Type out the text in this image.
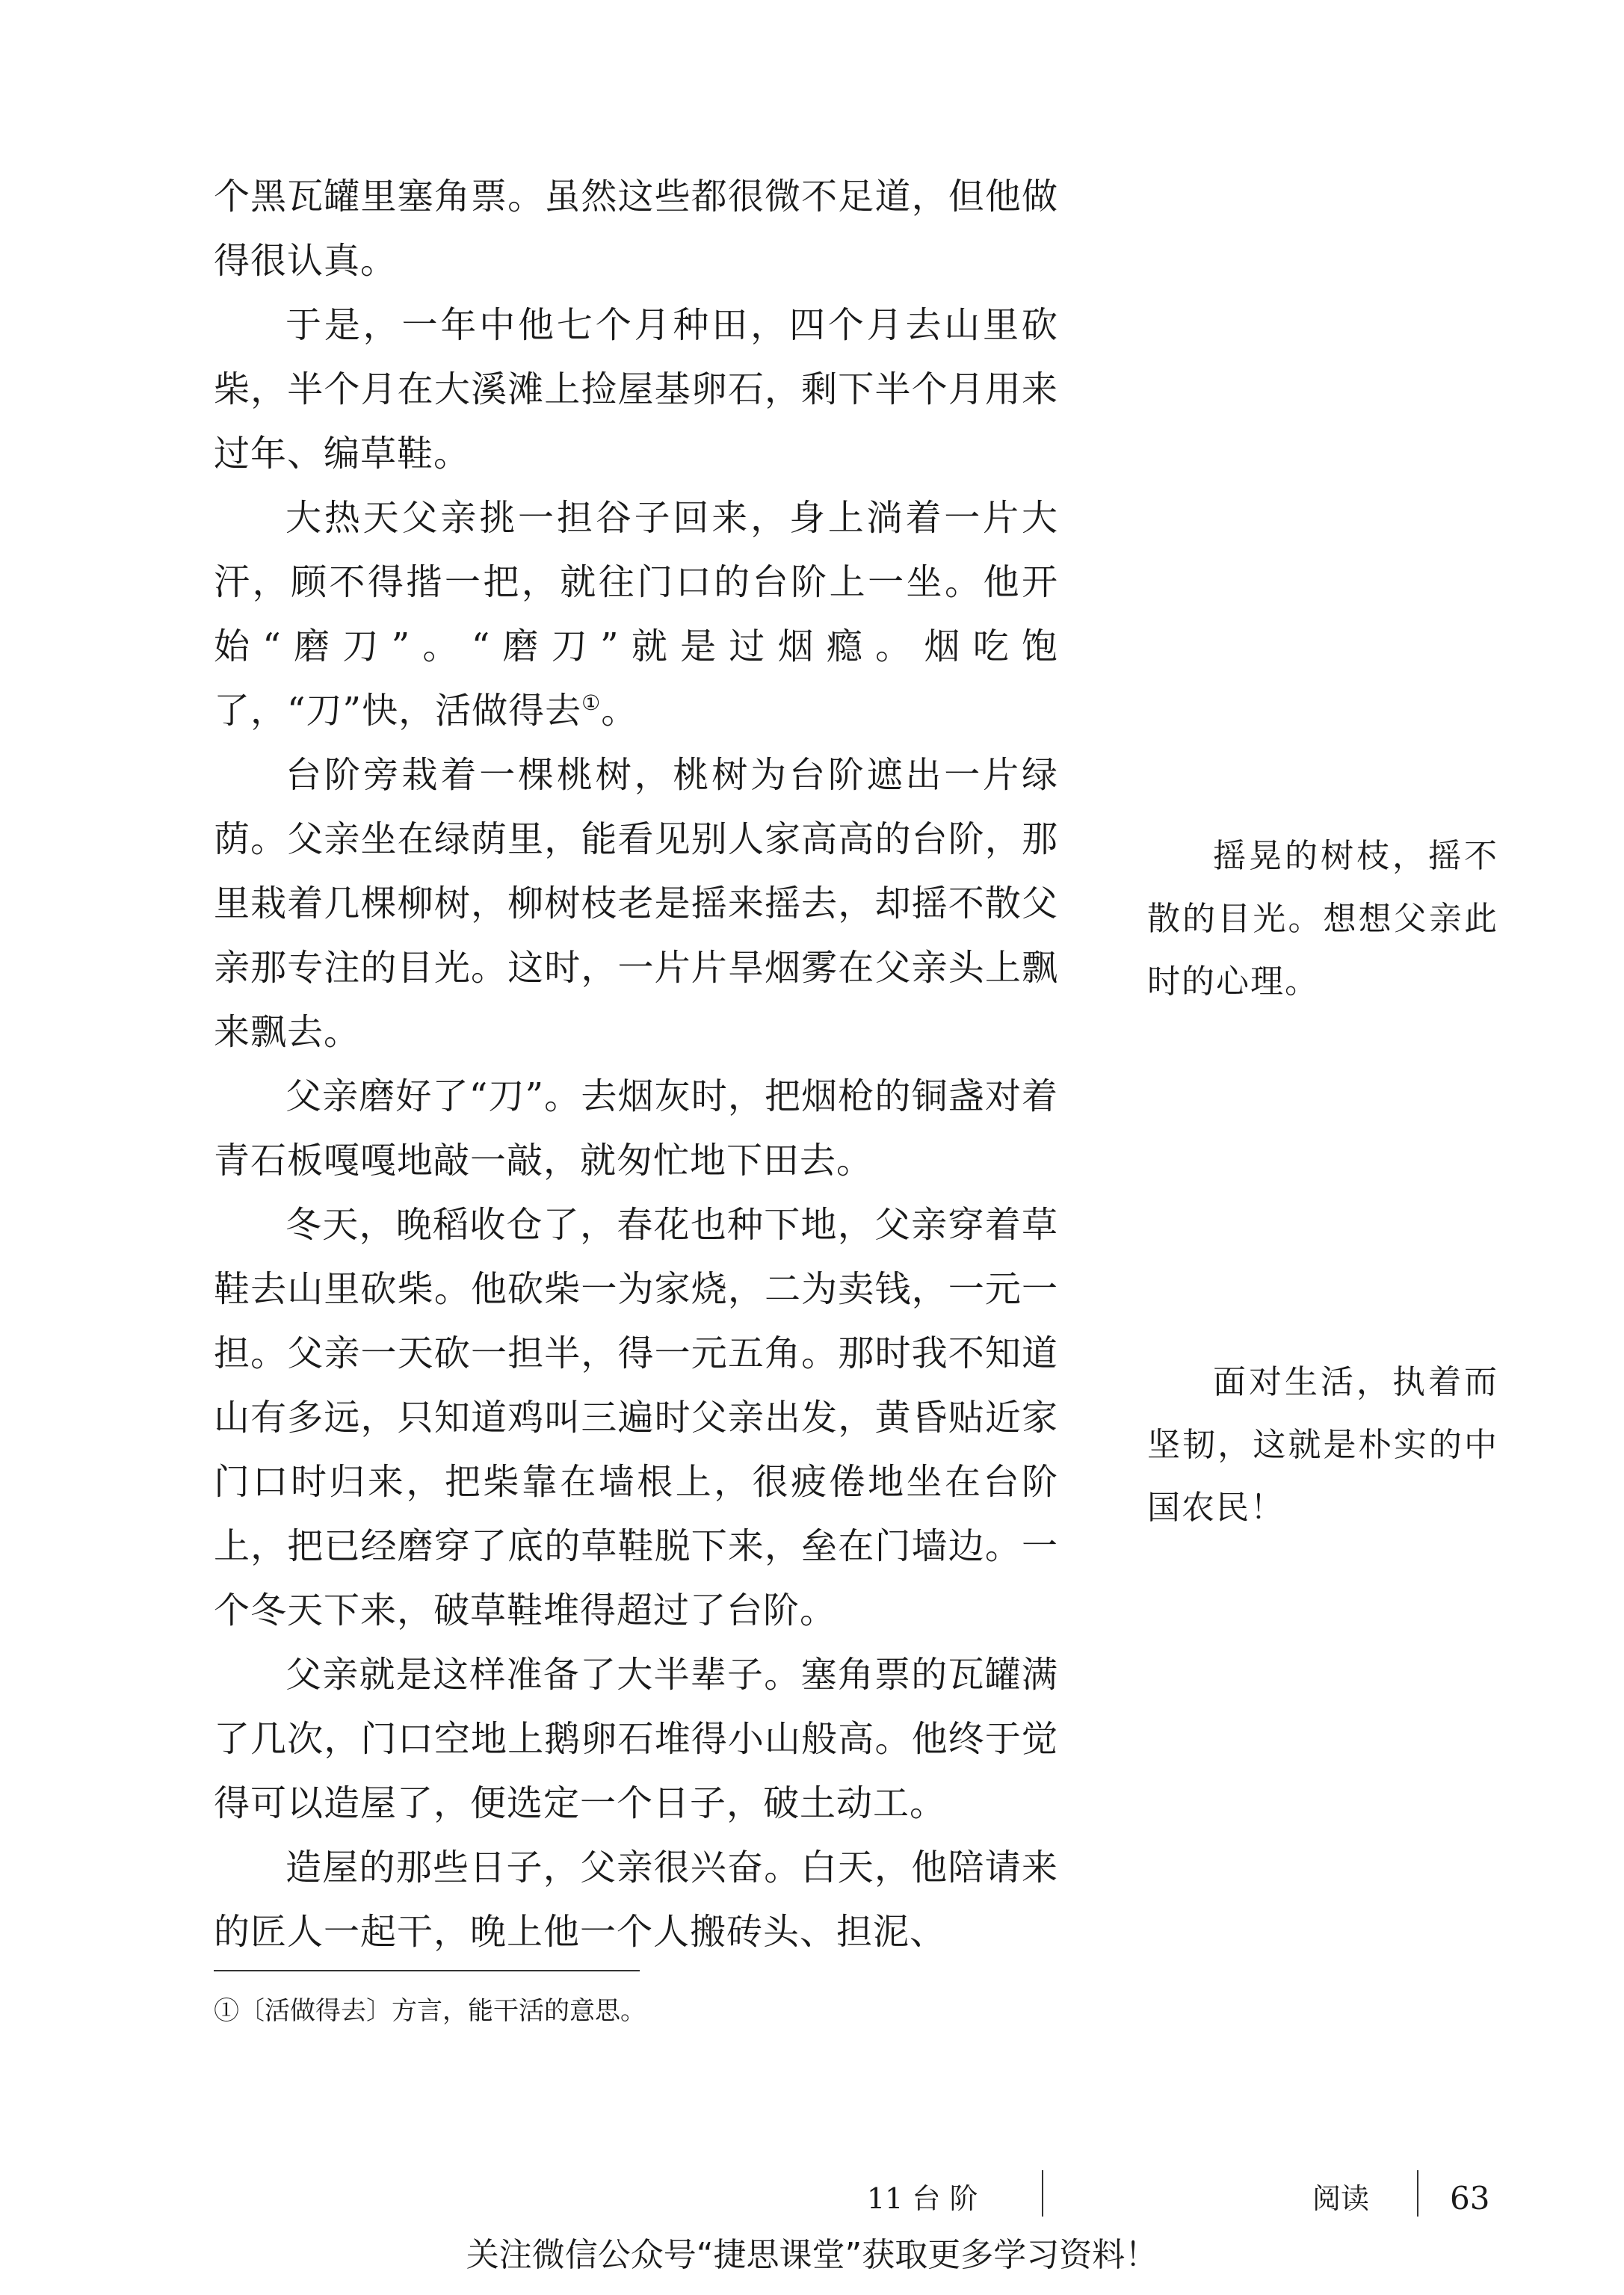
个黑瓦罐里塞角票。虽然这些都很微不足道，但他做得很认真。

于是，一年中他七个月种田，四个月去山里砍柴，半个月在大溪滩上捡屋基卵石，剩下半个月用来过年、编草鞋。

大热天父亲挑一担谷子回来，身上淌着一片大汗，顾不得揩一把，就往门口的台阶上一坐。他开始“磨刀”。“磨刀”就是过烟瘾。烟吃饱了，“刀”快，活做得去①。

台阶旁栽着一棵桃树，桃树为台阶遮出一片绿荫。父亲坐在绿荫里，能看见别人家高高的台阶，那里栽着几棵柳树，柳树枝老是摇来摇去，却摇不散父亲那专注的目光。这时，一片片旱烟雾在父亲头上飘来飘去。

父亲磨好了“刀”。去烟灰时，把烟枪的铜盏对着青石板嘎嘎地敲一敲，就匆忙地下田去。

冬天，晚稻收仓了，春花也种下地，父亲穿着草鞋去山里砍柴。他砍柴一为家烧，二为卖钱，一元一担。父亲一天砍一担半，得一元五角。那时我不知道山有多远，只知道鸡叫三遍时父亲出发，黄昏贴近家门口时归来，把柴靠在墙根上，很疲倦地坐在台阶上，把已经磨穿了底的草鞋脱下来，垒在门墙边。一个冬天下来，破草鞋堆得超过了台阶。

父亲就是这样准备了大半辈子。塞角票的瓦罐满了几次，门口空地上鹅卵石堆得小山般高。他终于觉得可以造屋了，便选定一个日子，破土动工。

造屋的那些日子，父亲很兴奋。白天，他陪请来的匠人一起干，晚上他一个人搬砖头、担泥、

摇晃的树枝，摇不散的目光。想想父亲此时的心理。
面对生活，执着而坚韧，这就是朴实的中国农民！
①〔活做得去〕方言，能干活的意思。
11 台 阶	阅读	63
关注微信公众号“捷思课堂”获取更多学习资料！
